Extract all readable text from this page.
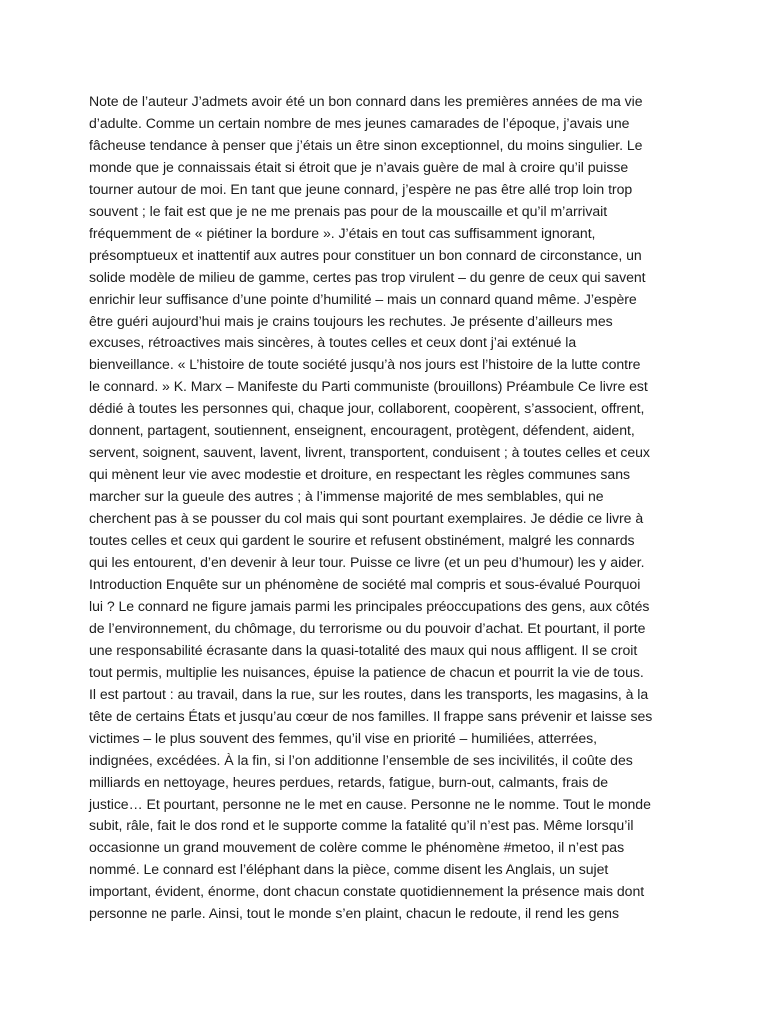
Note de l’auteur J’admets avoir été un bon connard dans les premières années de ma vie
d’adulte. Comme un certain nombre de mes jeunes camarades de l’époque, j’avais une
fâcheuse tendance à penser que j’étais un être sinon exceptionnel, du moins singulier. Le
monde que je connaissais était si étroit que je n’avais guère de mal à croire qu’il puisse
tourner autour de moi. En tant que jeune connard, j’espère ne pas être allé trop loin trop
souvent ; le fait est que je ne me prenais pas pour de la mouscaille et qu’il m’arrivait
fréquemment de « piétiner la bordure ». J’étais en tout cas suffisamment ignorant,
présomptueux et inattentif aux autres pour constituer un bon connard de circonstance, un
solide modèle de milieu de gamme, certes pas trop virulent – du genre de ceux qui savent
enrichir leur suffisance d’une pointe d’humilité – mais un connard quand même. J’espère
être guéri aujourd’hui mais je crains toujours les rechutes. Je présente d’ailleurs mes
excuses, rétroactives mais sincères, à toutes celles et ceux dont j’ai exténué la
bienveillance. « L’histoire de toute société jusqu’à nos jours est l’histoire de la lutte contre
le connard. » K. Marx – Manifeste du Parti communiste (brouillons) Préambule Ce livre est
dédié à toutes les personnes qui, chaque jour, collaborent, coopèrent, s’associent, offrent,
donnent, partagent, soutiennent, enseignent, encouragent, protègent, défendent, aident,
servent, soignent, sauvent, lavent, livrent, transportent, conduisent ; à toutes celles et ceux
qui mènent leur vie avec modestie et droiture, en respectant les règles communes sans
marcher sur la gueule des autres ; à l’immense majorité de mes semblables, qui ne
cherchent pas à se pousser du col mais qui sont pourtant exemplaires. Je dédie ce livre à
toutes celles et ceux qui gardent le sourire et refusent obstinément, malgré les connards
qui les entourent, d’en devenir à leur tour. Puisse ce livre (et un peu d’humour) les y aider.
Introduction Enquête sur un phénomène de société mal compris et sous-évalué Pourquoi
lui ? Le connard ne figure jamais parmi les principales préoccupations des gens, aux côtés
de l’environnement, du chômage, du terrorisme ou du pouvoir d’achat. Et pourtant, il porte
une responsabilité écrasante dans la quasi-totalité des maux qui nous affligent. Il se croit
tout permis, multiplie les nuisances, épuise la patience de chacun et pourrit la vie de tous.
Il est partout : au travail, dans la rue, sur les routes, dans les transports, les magasins, à la
tête de certains États et jusqu’au cœur de nos familles. Il frappe sans prévenir et laisse ses
victimes – le plus souvent des femmes, qu’il vise en priorité – humiliées, atterrées,
indignées, excédées. À la fin, si l’on additionne l’ensemble de ses incivilités, il coûte des
milliards en nettoyage, heures perdues, retards, fatigue, burn-out, calmants, frais de
justice… Et pourtant, personne ne le met en cause. Personne ne le nomme. Tout le monde
subit, râle, fait le dos rond et le supporte comme la fatalité qu’il n’est pas. Même lorsqu’il
occasionne un grand mouvement de colère comme le phénomène #metoo, il n’est pas
nommé. Le connard est l’éléphant dans la pièce, comme disent les Anglais, un sujet
important, évident, énorme, dont chacun constate quotidiennement la présence mais dont
personne ne parle. Ainsi, tout le monde s’en plaint, chacun le redoute, il rend les gens
